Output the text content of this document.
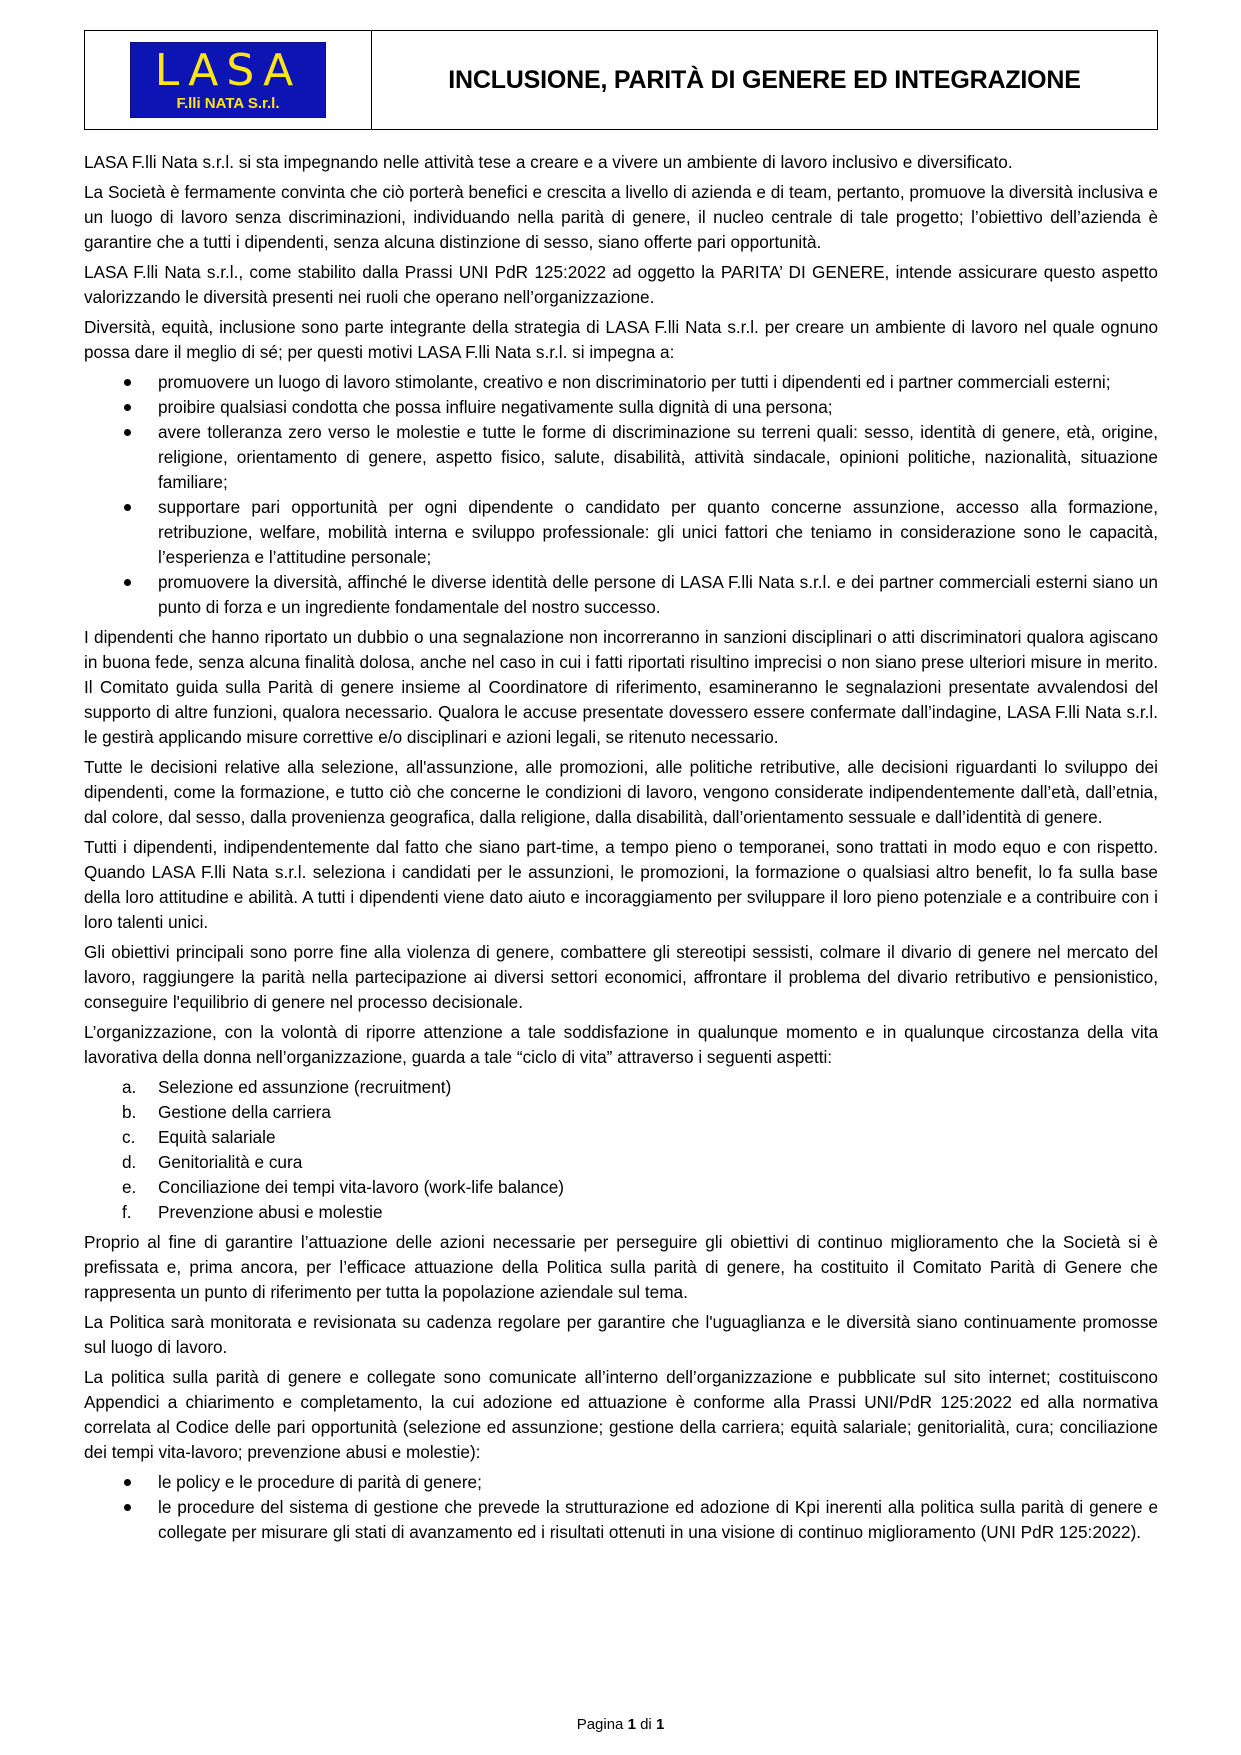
LASA
F.lli NATA S.r.l.
INCLUSIONE, PARITÀ DI GENERE ED INTEGRAZIONE

LASA F.lli Nata s.r.l. si sta impegnando nelle attività tese a creare e a vivere un ambiente di lavoro inclusivo e diversificato.

La Società è fermamente convinta che ciò porterà benefici e crescita a livello di azienda e di team, pertanto, promuove la diversità inclusiva e un luogo di lavoro senza discriminazioni, individuando nella parità di genere, il nucleo centrale di tale progetto; l’obiettivo dell’azienda è garantire che a tutti i dipendenti, senza alcuna distinzione di sesso, siano offerte pari opportunità.

LASA F.lli Nata s.r.l., come stabilito dalla Prassi UNI PdR 125:2022 ad oggetto la PARITA’ DI GENERE, intende assicurare questo aspetto valorizzando le diversità presenti nei ruoli che operano nell’organizzazione.

Diversità, equità, inclusione sono parte integrante della strategia di LASA F.lli Nata s.r.l. per creare un ambiente di lavoro nel quale ognuno possa dare il meglio di sé; per questi motivi LASA F.lli Nata s.r.l. si impegna a:

promuovere un luogo di lavoro stimolante, creativo e non discriminatorio per tutti i dipendenti ed i partner commerciali esterni;
proibire qualsiasi condotta che possa influire negativamente sulla dignità di una persona;
avere tolleranza zero verso le molestie e tutte le forme di discriminazione su terreni quali: sesso, identità di genere, età, origine, religione, orientamento di genere, aspetto fisico, salute, disabilità, attività sindacale, opinioni politiche, nazionalità, situazione familiare;
supportare pari opportunità per ogni dipendente o candidato per quanto concerne assunzione, accesso alla formazione, retribuzione, welfare, mobilità interna e sviluppo professionale: gli unici fattori che teniamo in considerazione sono le capacità, l’esperienza e l’attitudine personale;
promuovere la diversità, affinché le diverse identità delle persone di LASA F.lli Nata s.r.l. e dei partner commerciali esterni siano un punto di forza e un ingrediente fondamentale del nostro successo.

I dipendenti che hanno riportato un dubbio o una segnalazione non incorreranno in sanzioni disciplinari o atti discriminatori qualora agiscano in buona fede, senza alcuna finalità dolosa, anche nel caso in cui i fatti riportati risultino imprecisi o non siano prese ulteriori misure in merito. Il Comitato guida sulla Parità di genere insieme al Coordinatore di riferimento, esamineranno le segnalazioni presentate avvalendosi del supporto di altre funzioni, qualora necessario. Qualora le accuse presentate dovessero essere confermate dall’indagine, LASA F.lli Nata s.r.l. le gestirà applicando misure correttive e/o disciplinari e azioni legali, se ritenuto necessario.

Tutte le decisioni relative alla selezione, all'assunzione, alle promozioni, alle politiche retributive, alle decisioni riguardanti lo sviluppo dei dipendenti, come la formazione, e tutto ciò che concerne le condizioni di lavoro, vengono considerate indipendentemente dall’età, dall’etnia, dal colore, dal sesso, dalla provenienza geografica, dalla religione, dalla disabilità, dall’orientamento sessuale e dall’identità di genere.

Tutti i dipendenti, indipendentemente dal fatto che siano part-time, a tempo pieno o temporanei, sono trattati in modo equo e con rispetto. Quando LASA F.lli Nata s.r.l. seleziona i candidati per le assunzioni, le promozioni, la formazione o qualsiasi altro benefit, lo fa sulla base della loro attitudine e abilità. A tutti i dipendenti viene dato aiuto e incoraggiamento per sviluppare il loro pieno potenziale e a contribuire con i loro talenti unici.

Gli obiettivi principali sono porre fine alla violenza di genere, combattere gli stereotipi sessisti, colmare il divario di genere nel mercato del lavoro, raggiungere la parità nella partecipazione ai diversi settori economici, affrontare il problema del divario retributivo e pensionistico, conseguire l'equilibrio di genere nel processo decisionale.

L’organizzazione, con la volontà di riporre attenzione a tale soddisfazione in qualunque momento e in qualunque circostanza della vita lavorativa della donna nell’organizzazione, guarda a tale “ciclo di vita” attraverso i seguenti aspetti:

a. Selezione ed assunzione (recruitment)
b. Gestione della carriera
c. Equità salariale
d. Genitorialità e cura
e. Conciliazione dei tempi vita-lavoro (work-life balance)
f. Prevenzione abusi e molestie

Proprio al fine di garantire l’attuazione delle azioni necessarie per perseguire gli obiettivi di continuo miglioramento che la Società si è prefissata e, prima ancora, per l’efficace attuazione della Politica sulla parità di genere, ha costituito il Comitato Parità di Genere che rappresenta un punto di riferimento per tutta la popolazione aziendale sul tema.

La Politica sarà monitorata e revisionata su cadenza regolare per garantire che l'uguaglianza e le diversità siano continuamente promosse sul luogo di lavoro.

La politica sulla parità di genere e collegate sono comunicate all’interno dell’organizzazione e pubblicate sul sito internet; costituiscono Appendici a chiarimento e completamento, la cui adozione ed attuazione è conforme alla Prassi UNI/PdR 125:2022 ed alla normativa correlata al Codice delle pari opportunità (selezione ed assunzione; gestione della carriera; equità salariale; genitorialità, cura; conciliazione dei tempi vita-lavoro; prevenzione abusi e molestie):

le policy e le procedure di parità di genere;
le procedure del sistema di gestione che prevede la strutturazione ed adozione di Kpi inerenti alla politica sulla parità di genere e collegate per misurare gli stati di avanzamento ed i risultati ottenuti in una visione di continuo miglioramento (UNI PdR 125:2022).
Pagina 1 di 1
